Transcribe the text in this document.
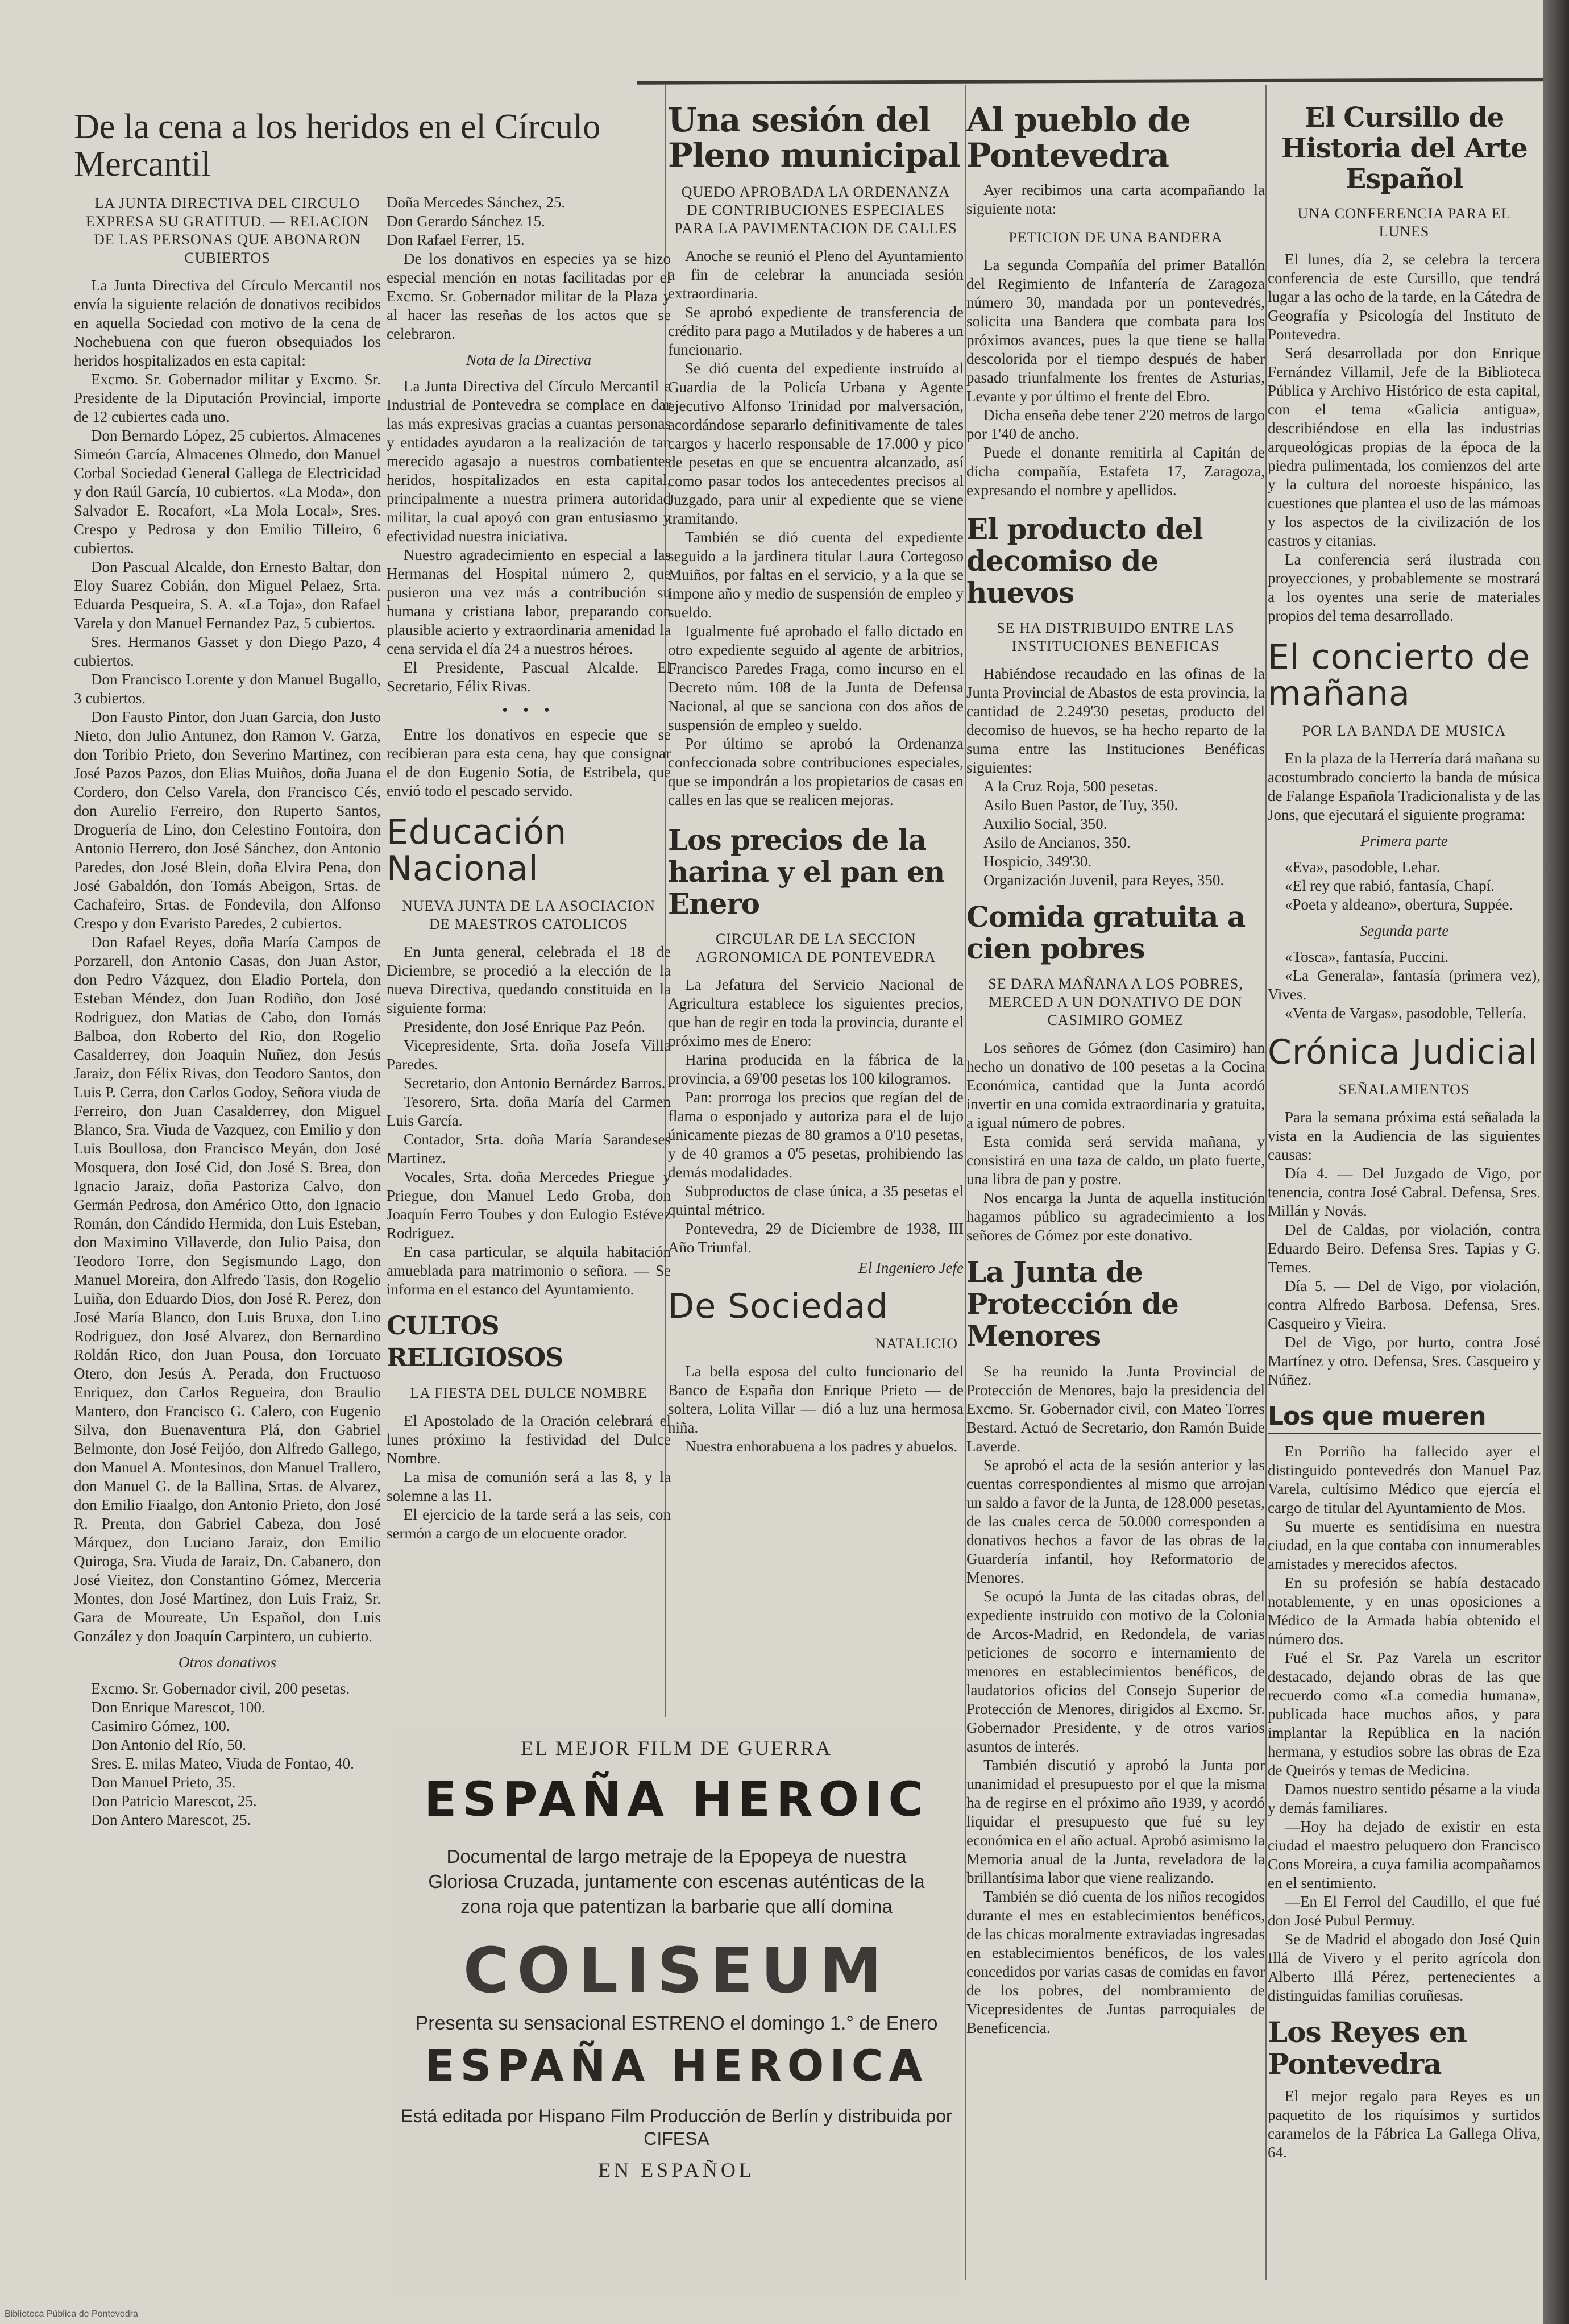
De la cena a los heridos en el Círculo Mercantil
LA JUNTA DIRECTIVA DEL CIRCULO EXPRESA SU GRATITUD. — RELACION DE LAS PERSONAS QUE ABONARON CUBIERTOS

La Junta Directiva del Círculo Mercantil nos envía la siguiente relación de donativos recibidos en aquella Sociedad con motivo de la cena de Nochebuena con que fueron obsequiados los heridos hospitalizados en esta capital:

Excmo. Sr. Gobernador militar y Excmo. Sr. Presidente de la Diputación Provincial, importe de 12 cubiertes cada uno.

Don Bernardo López, 25 cubiertos. Almacenes Simeón García, Almacenes Olmedo, don Manuel Corbal Sociedad General Gallega de Electricidad y don Raúl García, 10 cubiertos. «La Moda», don Salvador E. Rocafort, «La Mola Local», Sres. Crespo y Pedrosa y don Emilio Tilleiro, 6 cubiertos.

Don Pascual Alcalde, don Ernesto Baltar, don Eloy Suarez Cobián, don Miguel Pelaez, Srta. Eduarda Pesqueira, S. A. «La Toja», don Rafael Varela y don Manuel Fernandez Paz, 5 cubiertos.

Sres. Hermanos Gasset y don Diego Pazo, 4 cubiertos.

Don Francisco Lorente y don Manuel Bugallo, 3 cubiertos.

Don Fausto Pintor, don Juan Garcia, don Justo Nieto, don Julio Antunez, don Ramon V. Garza, don Toribio Prieto, don Severino Martinez, con José Pazos Pazos, don Elias Muiños, doña Juana Cordero, don Celso Varela, don Francisco Cés, don Aurelio Ferreiro, don Ruperto Santos, Droguería de Lino, don Celestino Fontoira, don Antonio Herrero, don José Sánchez, don Antonio Paredes, don José Blein, doña Elvira Pena, don José Gabaldón, don Tomás Abeigon, Srtas. de Cachafeiro, Srtas. de Fondevila, don Alfonso Crespo y don Evaristo Paredes, 2 cubiertos.

Don Rafael Reyes, doña María Campos de Porzarell, don Antonio Casas, don Juan Astor, don Pedro Vázquez, don Eladio Portela, don Esteban Méndez, don Juan Rodiño, don José Rodriguez, don Matias de Cabo, don Tomás Balboa, don Roberto del Rio, don Rogelio Casalderrey, don Joaquin Nuñez, don Jesús Jaraiz, don Félix Rivas, don Teodoro Santos, don Luis P. Cerra, don Carlos Godoy, Señora viuda de Ferreiro, don Juan Casalderrey, don Miguel Blanco, Sra. Viuda de Vazquez, con Emilio y don Luis Boullosa, don Francisco Meyán, don José Mosquera, don José Cid, don José S. Brea, don Ignacio Jaraiz, doña Pastoriza Calvo, don Germán Pedrosa, don Américo Otto, don Ignacio Román, don Cándido Hermida, don Luis Esteban, don Maximino Villaverde, don Julio Paisa, don Teodoro Torre, don Segismundo Lago, don Manuel Moreira, don Alfredo Tasis, don Rogelio Luiña, don Eduardo Dios, don José R. Perez, don José María Blanco, don Luis Bruxa, don Lino Rodriguez, don José Alvarez, don Bernardino Roldán Rico, don Juan Pousa, don Torcuato Otero, don Jesús A. Perada, don Fructuoso Enriquez, don Carlos Regueira, don Braulio Mantero, don Francisco G. Calero, con Eugenio Silva, don Buenaventura Plá, don Gabriel Belmonte, don José Feijóo, don Alfredo Gallego, don Manuel A. Montesinos, don Manuel Trallero, don Manuel G. de la Ballina, Srtas. de Alvarez, don Emilio Fiaalgo, don Antonio Prieto, don José R. Prenta, don Gabriel Cabeza, don José Márquez, don Luciano Jaraiz, don Emilio Quiroga, Sra. Viuda de Jaraiz, Dn. Cabanero, don José Vieitez, don Constantino Gómez, Merceria Montes, don José Martinez, don Luis Fraiz, Sr. Gara de Moureate, Un Español, don Luis González y don Joaquín Carpintero, un cubierto.

Otros donativos

Excmo. Sr. Gobernador civil, 200 pesetas.

Don Enrique Marescot, 100.

Casimiro Gómez, 100.

Don Antonio del Río, 50.

Sres. E. milas Mateo, Viuda de Fontao, 40.

Don Manuel Prieto, 35.

Don Patricio Marescot, 25.

Don Antero Marescot, 25.

Doña Mercedes Sánchez, 25.

Don Gerardo Sánchez 15.

Don Rafael Ferrer, 15.

De los donativos en especies ya se hizo especial mención en notas facilitadas por el Excmo. Sr. Gobernador militar de la Plaza y al hacer las reseñas de los actos que se celebraron.

Nota de la Directiva

La Junta Directiva del Círculo Mercantil e Industrial de Pontevedra se complace en dar las más expresivas gracias a cuantas personas y entidades ayudaron a la realización de tan merecido agasajo a nuestros combatientes heridos, hospitalizados en esta capital, principalmente a nuestra primera autoridad militar, la cual apoyó con gran entusiasmo y efectividad nuestra iniciativa.

Nuestro agradecimiento en especial a las Hermanas del Hospital número 2, que pusieron una vez más a contribución su humana y cristiana labor, preparando con plausible acierto y extraordinaria amenidad la cena servida el día 24 a nuestros héroes.

El Presidente, Pascual Alcalde. El Secretario, Félix Rivas.

• • •

Entre los donativos en especie que se recibieran para esta cena, hay que consignar el de don Eugenio Sotia, de Estribela, que envió todo el pescado servido.

Educación Nacional
NUEVA JUNTA DE LA ASOCIACION DE MAESTROS CATOLICOS

En Junta general, celebrada el 18 de Diciembre, se procedió a la elección de la nueva Directiva, quedando constituida en la siguiente forma:

Presidente, don José Enrique Paz Peón.

Vicepresidente, Srta. doña Josefa Villa Paredes.

Secretario, don Antonio Bernárdez Barros.

Tesorero, Srta. doña María del Carmen Luis García.

Contador, Srta. doña María Sarandeses Martinez.

Vocales, Srta. doña Mercedes Priegue y Priegue, don Manuel Ledo Groba, don Joaquín Ferro Toubes y don Eulogio Estévez Rodriguez.

En casa particular, se alquila habitación amueblada para matrimonio o señora. — Se informa en el estanco del Ayuntamiento.

CULTOS RELIGIOSOS
LA FIESTA DEL DULCE NOMBRE

El Apostolado de la Oración celebrará el lunes próximo la festividad del Dulce Nombre.

La misa de comunión será a las 8, y la solemne a las 11.

El ejercicio de la tarde será a las seis, con sermón a cargo de un elocuente orador.

Una sesión del Pleno municipal
QUEDO APROBADA LA ORDENANZA DE CONTRIBUCIONES ESPECIALES PARA LA PAVIMENTACION DE CALLES

Anoche se reunió el Pleno del Ayuntamiento a fin de celebrar la anunciada sesión extraordinaria.

Se aprobó expediente de transferencia de crédito para pago a Mutilados y de haberes a un funcionario.

Se dió cuenta del expediente instruído al Guardia de la Policía Urbana y Agente ejecutivo Alfonso Trinidad por malversación, acordándose separarlo definitivamente de tales cargos y hacerlo responsable de 17.000 y pico de pesetas en que se encuentra alcanzado, así como pasar todos los antecedentes precisos al Juzgado, para unir al expediente que se viene tramitando.

También se dió cuenta del expediente seguido a la jardinera titular Laura Cortegoso Muiños, por faltas en el servicio, y a la que se impone año y medio de suspensión de empleo y sueldo.

Igualmente fué aprobado el fallo dictado en otro expediente seguido al agente de arbitrios, Francisco Paredes Fraga, como incurso en el Decreto núm. 108 de la Junta de Defensa Nacional, al que se sanciona con dos años de suspensión de empleo y sueldo.

Por último se aprobó la Ordenanza confeccionada sobre contribuciones especiales, que se impondrán a los propietarios de casas en calles en las que se realicen mejoras.

Los precios de la harina y el pan en Enero
CIRCULAR DE LA SECCION AGRONOMICA DE PONTEVEDRA

La Jefatura del Servicio Nacional de Agricultura establece los siguientes precios, que han de regir en toda la provincia, durante el próximo mes de Enero:

Harina producida en la fábrica de la provincia, a 69'00 pesetas los 100 kilogramos.

Pan: prorroga los precios que regían del de flama o esponjado y autoriza para el de lujo únicamente piezas de 80 gramos a 0'10 pesetas, y de 40 gramos a 0'5 pesetas, prohibiendo las demás modalidades.

Subproductos de clase única, a 35 pesetas el quintal métrico.

Pontevedra, 29 de Diciembre de 1938, III Año Triunfal.

El Ingeniero Jefe

De Sociedad
NATALICIO

La bella esposa del culto funcionario del Banco de España don Enrique Prieto — de soltera, Lolita Villar — dió a luz una hermosa niña.

Nuestra enhorabuena a los padres y abuelos.

Al pueblo de Pontevedra

Ayer recibimos una carta acompañando la siguiente nota:

PETICION DE UNA BANDERA

La segunda Compañía del primer Batallón del Regimiento de Infantería de Zaragoza número 30, mandada por un pontevedrés, solicita una Bandera que combata para los próximos avances, pues la que tiene se halla descolorida por el tiempo después de haber pasado triunfalmente los frentes de Asturias, Levante y por último el frente del Ebro.

Dicha enseña debe tener 2'20 metros de largo por 1'40 de ancho.

Puede el donante remitirla al Capitán de dicha compañía, Estafeta 17, Zaragoza, expresando el nombre y apellidos.

El producto del decomiso de huevos
SE HA DISTRIBUIDO ENTRE LAS INSTITUCIONES BENEFICAS

Habiéndose recaudado en las ofinas de la Junta Provincial de Abastos de esta provincia, la cantidad de 2.249'30 pesetas, producto del decomiso de huevos, se ha hecho reparto de la suma entre las Instituciones Benéficas siguientes:

A la Cruz Roja, 500 pesetas.

Asilo Buen Pastor, de Tuy, 350.

Auxilio Social, 350.

Asilo de Ancianos, 350.

Hospicio, 349'30.

Organización Juvenil, para Reyes, 350.

Comida gratuita a cien pobres
SE DARA MAÑANA A LOS POBRES, MERCED A UN DONATIVO DE DON CASIMIRO GOMEZ

Los señores de Gómez (don Casimiro) han hecho un donativo de 100 pesetas a la Cocina Económica, cantidad que la Junta acordó invertir en una comida extraordinaria y gratuita, a igual número de pobres.

Esta comida será servida mañana, y consistirá en una taza de caldo, un plato fuerte, una libra de pan y postre.

Nos encarga la Junta de aquella institución hagamos público su agradecimiento a los señores de Gómez por este donativo.

La Junta de Protección de Menores

Se ha reunido la Junta Provincial de Protección de Menores, bajo la presidencia del Excmo. Sr. Gobernador civil, con Mateo Torres Bestard. Actuó de Secretario, don Ramón Buide Laverde.

Se aprobó el acta de la sesión anterior y las cuentas correspondientes al mismo que arrojan un saldo a favor de la Junta, de 128.000 pesetas, de las cuales cerca de 50.000 corresponden a donativos hechos a favor de las obras de la Guardería infantil, hoy Reformatorio de Menores.

Se ocupó la Junta de las citadas obras, del expediente instruido con motivo de la Colonia de Arcos-Madrid, en Redondela, de varias peticiones de socorro e internamiento de menores en establecimientos benéficos, de laudatorios oficios del Consejo Superior de Protección de Menores, dirigidos al Excmo. Sr. Gobernador Presidente, y de otros varios asuntos de interés.

También discutió y aprobó la Junta por unanimidad el presupuesto por el que la misma ha de regirse en el próximo año 1939, y acordó liquidar el presupuesto que fué su ley económica en el año actual. Aprobó asimismo la Memoria anual de la Junta, reveladora de la brillantísima labor que viene realizando.

También se dió cuenta de los niños recogidos durante el mes en establecimientos benéficos, de las chicas moralmente extraviadas ingresadas en establecimientos benéficos, de los vales concedidos por varias casas de comidas en favor de los pobres, del nombramiento de Vicepresidentes de Juntas parroquiales de Beneficencia.

El Cursillo de Historia del Arte Español
UNA CONFERENCIA PARA EL LUNES

El lunes, día 2, se celebra la tercera conferencia de este Cursillo, que tendrá lugar a las ocho de la tarde, en la Cátedra de Geografía y Psicología del Instituto de Pontevedra.

Será desarrollada por don Enrique Fernández Villamil, Jefe de la Biblioteca Pública y Archivo Histórico de esta capital, con el tema «Galicia antigua», describiéndose en ella las industrias arqueológicas propias de la época de la piedra pulimentada, los comienzos del arte y la cultura del noroeste hispánico, las cuestiones que plantea el uso de las mámoas y los aspectos de la civilización de los castros y citanias.

La conferencia será ilustrada con proyecciones, y probablemente se mostrará a los oyentes una serie de materiales propios del tema desarrollado.

El concierto de mañana
POR LA BANDA DE MUSICA

En la plaza de la Herrería dará mañana su acostumbrado concierto la banda de música de Falange Española Tradicionalista y de las Jons, que ejecutará el siguiente programa:

Primera parte

«Eva», pasodoble, Lehar.

«El rey que rabió, fantasía, Chapí.

«Poeta y aldeano», obertura, Suppée.

Segunda parte

«Tosca», fantasía, Puccini.

«La Generala», fantasía (primera vez), Vives.

«Venta de Vargas», pasodoble, Tellería.

Crónica Judicial
SEÑALAMIENTOS

Para la semana próxima está señalada la vista en la Audiencia de las siguientes causas:

Día 4. — Del Juzgado de Vigo, por tenencia, contra José Cabral. Defensa, Sres. Millán y Novás.

Del de Caldas, por violación, contra Eduardo Beiro. Defensa Sres. Tapias y G. Temes.

Día 5. — Del de Vigo, por violación, contra Alfredo Barbosa. Defensa, Sres. Casqueiro y Vieira.

Del de Vigo, por hurto, contra José Martínez y otro. Defensa, Sres. Casqueiro y Núñez.

Los que mueren

En Porriño ha fallecido ayer el distinguido pontevedrés don Manuel Paz Varela, cultísimo Médico que ejercía el cargo de titular del Ayuntamiento de Mos.

Su muerte es sentidísima en nuestra ciudad, en la que contaba con innumerables amistades y merecidos afectos.

En su profesión se había destacado notablemente, y en unas oposiciones a Médico de la Armada había obtenido el número dos.

Fué el Sr. Paz Varela un escritor destacado, dejando obras de las que recuerdo como «La comedia humana», publicada hace muchos años, y para implantar la República en la nación hermana, y estudios sobre las obras de Eza de Queirós y temas de Medicina.

Damos nuestro sentido pésame a la viuda y demás familiares.

—Hoy ha dejado de existir en esta ciudad el maestro peluquero don Francisco Cons Moreira, a cuya familia acompañamos en el sentimiento.

—En El Ferrol del Caudillo, el que fué don José Pubul Permuy.

Se de Madrid el abogado don José Quin Illá de Vivero y el perito agrícola don Alberto Illá Pérez, pertenecientes a distinguidas familias coruñesas.

Los Reyes en Pontevedra

El mejor regalo para Reyes es un paquetito de los riquísimos y surtidos caramelos de la Fábrica La Gallega Oliva, 64.

EL MEJOR FILM DE GUERRA
ESPAÑA HEROIC
Documental de largo metraje de la Epopeya de nuestra Gloriosa Cruzada, juntamente con escenas auténticas de la zona roja que patentizan la barbarie que allí domina
COLISEUM
Presenta su sensacional ESTRENO el domingo 1.° de Enero
ESPAÑA HEROICA
Está editada por Hispano Film Producción de Berlín y distribuida por CIFESA
EN ESPAÑOL
Biblioteca Pública de Pontevedra
